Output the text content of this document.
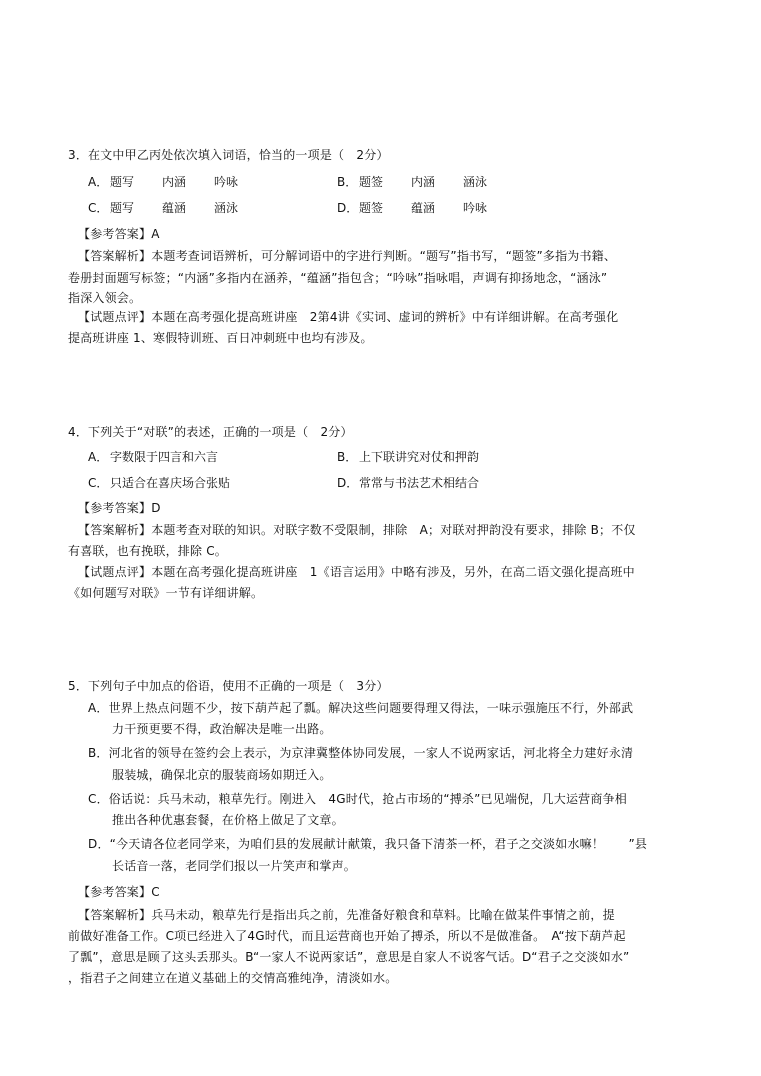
3．在文中甲乙丙处依次填入词语，恰当的一项是（　2分）
A． 题写 内涵 吟咏	B． 题签 内涵 涵泳
C． 题写 蕴涵 涵泳	D．题签 蕴涵 吟咏
【参考答案】A
【答案解析】本题考查词语辨析，可分解词语中的字进行判断。“题写”指书写，“题签”多指为书籍、
卷册封面题写标签；“内涵”多指内在涵养，“蕴涵”指包含；“吟咏”指咏唱，声调有抑扬地念，“涵泳”
指深入领会。
【试题点评】本题在高考强化提高班讲座　2第4讲《实词、虚词的辨析》中有详细讲解。在高考强化
提高班讲座 1、寒假特训班、百日冲刺班中也均有涉及。
4．下列关于“对联”的表述，正确的一项是（　2分）
A． 字数限于四言和六言	B． 上下联讲究对仗和押韵
C． 只适合在喜庆场合张贴	D．常常与书法艺术相结合
【参考答案】D
【答案解析】本题考查对联的知识。对联字数不受限制，排除　A；对联对押韵没有要求，排除 B；不仅
有喜联，也有挽联，排除 C。
【试题点评】本题在高考强化提高班讲座　1《语言运用》中略有涉及，另外，在高二语文强化提高班中
《如何题写对联》一节有详细讲解。
5．下列句子中加点的俗语，使用不正确的一项是（　3分）
A．世界上热点问题不少，按下葫芦起了瓢。解决这些问题要得理又得法，一味示强施压不行，外部武
力干预更要不得，政治解决是唯一出路。
B．河北省的领导在签约会上表示，为京津冀整体协同发展，一家人不说两家话，河北将全力建好永清
服装城，确保北京的服装商场如期迁入。
C．俗话说：兵马未动，粮草先行。刚进入　4G时代，抢占市场的“搏杀”已见端倪，几大运营商争相
推出各种优惠套餐，在价格上做足了文章。
D．“今天请各位老同学来，为咱们县的发展献计献策，我只备下清茶一杯，君子之交淡如水嘛！　　”县
长话音一落，老同学们报以一片笑声和掌声。
【参考答案】C
【答案解析】兵马未动，粮草先行是指出兵之前，先准备好粮食和草料。比喻在做某件事情之前，提
前做好准备工作。C项已经进入了4G时代，而且运营商也开始了搏杀，所以不是做准备。　A“按下葫芦起
了瓢”，意思是顾了这头丢那头。B“一家人不说两家话”，意思是自家人不说客气话。D“君子之交淡如水”
，指君子之间建立在道义基础上的交情高雅纯净，清淡如水。
